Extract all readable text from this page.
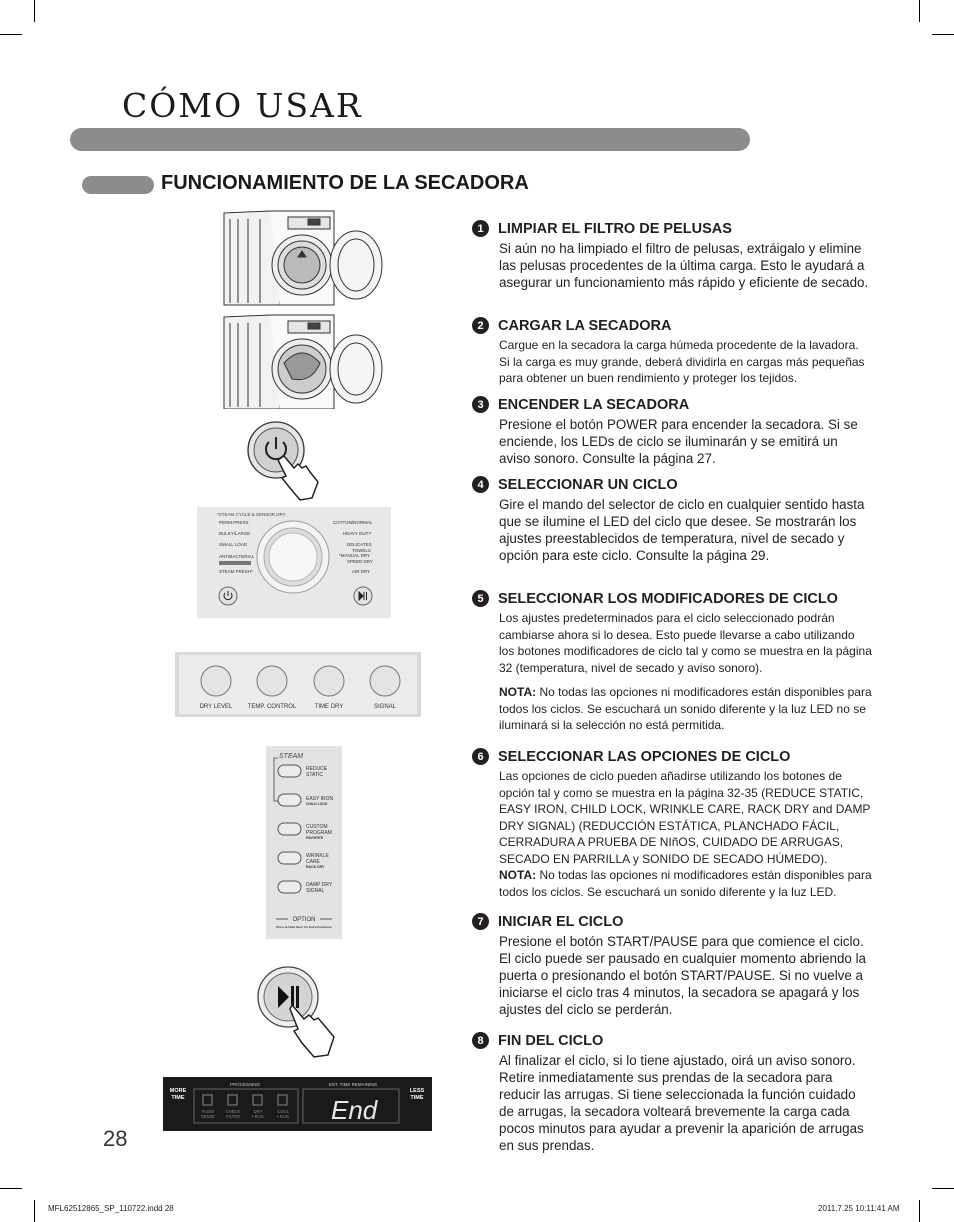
CÓMO USAR
FUNCIONAMIENTO DE LA SECADORA
*STEAM CYCLE & SENSOR DRY
PERM.PRESS
BULKY/LARGE
SMALL LOAD
ANTIBACTERIAL
STEAM FRESH*
COTTON/NORMAL
HEAVY DUTY
DELICATES
TOWELS
*MANUAL DRY
SPEED DRY
AIR DRY
DRY LEVEL	TEMP. CONTROL	TIME DRY	SIGNAL
STEAM
REDUCE
STATIC
EASY IRON
CHILD LOCK
CUSTOM
PROGRAM
FAVORITE
WRINKLE
CARE
RACK DRY
DAMP DRY
SIGNAL
OPTION
Press & Hold 3sec. for Extra Functions
MORE
TIME
LESS
TIME
PROCESSING	EST. TIME REMAINING
FLOW
SENSE
CHECK
FILTER
DRY
• RUG
COOL
• RUG End
1 LIMPIAR EL FILTRO DE PELUSAS

Si aún no ha limpiado el filtro de pelusas, extráigalo y elimine las pelusas procedentes de la última carga. Esto le ayudará a asegurar un funcionamiento más rápido y eficiente de secado.

2 CARGAR LA SECADORA

Cargue en la secadora la carga húmeda procedente de la lavadora. Si la carga es muy grande, deberá dividirla en cargas más pequeñas para obtener un buen rendimiento y proteger los tejidos.

3 ENCENDER LA SECADORA

Presione el botón POWER para encender la secadora. Si se enciende, los LEDs de ciclo se iluminarán y se emitirá un aviso sonoro. Consulte la página 27.

4 SELECCIONAR UN CICLO

Gire el mando del selector de ciclo en cualquier sentido hasta que se ilumine el LED del ciclo que desee. Se mostrarán los ajustes preestablecidos de temperatura, nivel de secado y opción para este ciclo. Consulte la página 29.

5 SELECCIONAR LOS MODIFICADORES DE CICLO

Los ajustes predeterminados para el ciclo seleccionado podrán cambiarse ahora si lo desea. Esto puede llevarse a cabo utilizando los botones modificadores de ciclo tal y como se muestra en la página 32 (temperatura, nivel de secado y aviso sonoro).

NOTA: No todas las opciones ni modificadores están disponibles para todos los ciclos. Se escuchará un sonido diferente y la luz LED no se iluminará si la selección no está permitida.

6 SELECCIONAR LAS OPCIONES DE CICLO

Las opciones de ciclo pueden añadirse utilizando los botones de opción tal y como se muestra en la página 32-35 (REDUCE STATIC, EASY IRON, CHILD LOCK, WRINKLE CARE, RACK DRY and DAMP DRY SIGNAL) (REDUCCIÓN ESTÁTICA, PLANCHADO FÁCIL, CERRADURA A PRUEBA DE NIñOS, CUIDADO DE ARRUGAS, SECADO EN PARRILLA y SONIDO DE SECADO HÚMEDO).

NOTA: No todas las opciones ni modificadores están disponibles para todos los ciclos. Se escuchará un sonido diferente y la luz LED.

7 INICIAR EL CICLO

Presione el botón START/PAUSE para que comience el ciclo. El ciclo puede ser pausado en cualquier momento abriendo la puerta o presionando el botón START/PAUSE. Si no vuelve a iniciarse el ciclo tras 4 minutos, la secadora se apagará y los ajustes del ciclo se perderán.

8 FIN DEL CICLO

Al finalizar el ciclo, si lo tiene ajustado, oirá un aviso sonoro. Retire inmediatamente sus prendas de la secadora para reducir las arrugas. Si tiene seleccionada la función cuidado de arrugas, la secadora volteará brevemente la carga cada pocos minutos para ayudar a prevenir la aparición de arrugas en sus prendas.

28

MFL62512865_SP_110722.indd 28	2011.7.25 10:11:41 AM
